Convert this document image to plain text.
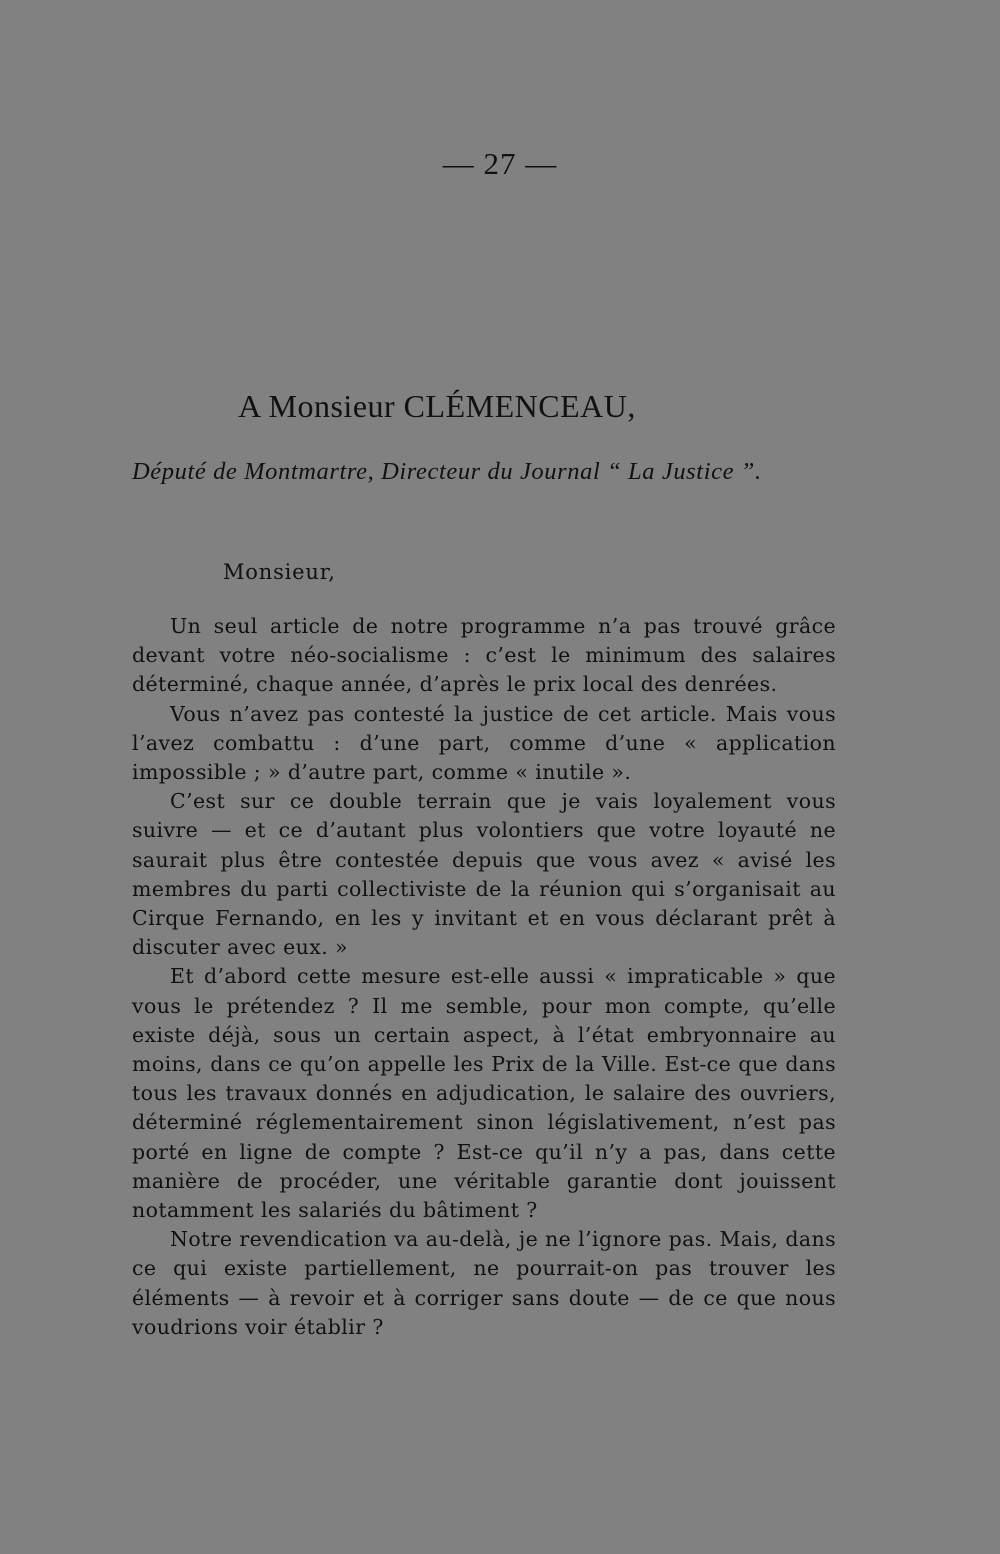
— 27 —
A Monsieur CLÉMENCEAU,
Député de Montmartre, Directeur du Journal “ La Justice ”.
Monsieur,

Un seul article de notre programme n’a pas trouvé grâce devant votre néo-socialisme : c’est le minimum des salaires déterminé, chaque année, d’après le prix local des denrées.

Vous n’avez pas contesté la justice de cet article. Mais vous l’avez combattu : d’une part, comme d’une « application impossible ; » d’autre part, comme « inutile ».

C’est sur ce double terrain que je vais loyalement vous suivre — et ce d’autant plus volontiers que votre loyauté ne saurait plus être contestée depuis que vous avez « avisé les membres du parti collectiviste de la réunion qui s’organisait au Cirque Fernando, en les y invitant et en vous déclarant prêt à discuter avec eux. »

Et d’abord cette mesure est-elle aussi « impraticable » que vous le prétendez ? Il me semble, pour mon compte, qu’elle existe déjà, sous un certain aspect, à l’état embryonnaire au moins, dans ce qu’on appelle les Prix de la Ville. Est-ce que dans tous les travaux donnés en adjudication, le salaire des ouvriers, déterminé réglementairement sinon législativement, n’est pas porté en ligne de compte ? Est-ce qu’il n’y a pas, dans cette manière de procéder, une véritable garantie dont jouissent notamment les salariés du bâtiment ?

Notre revendication va au-delà, je ne l’ignore pas. Mais, dans ce qui existe partiellement, ne pourrait-on pas trouver les éléments — à revoir et à corriger sans doute — de ce que nous voudrions voir établir ?
